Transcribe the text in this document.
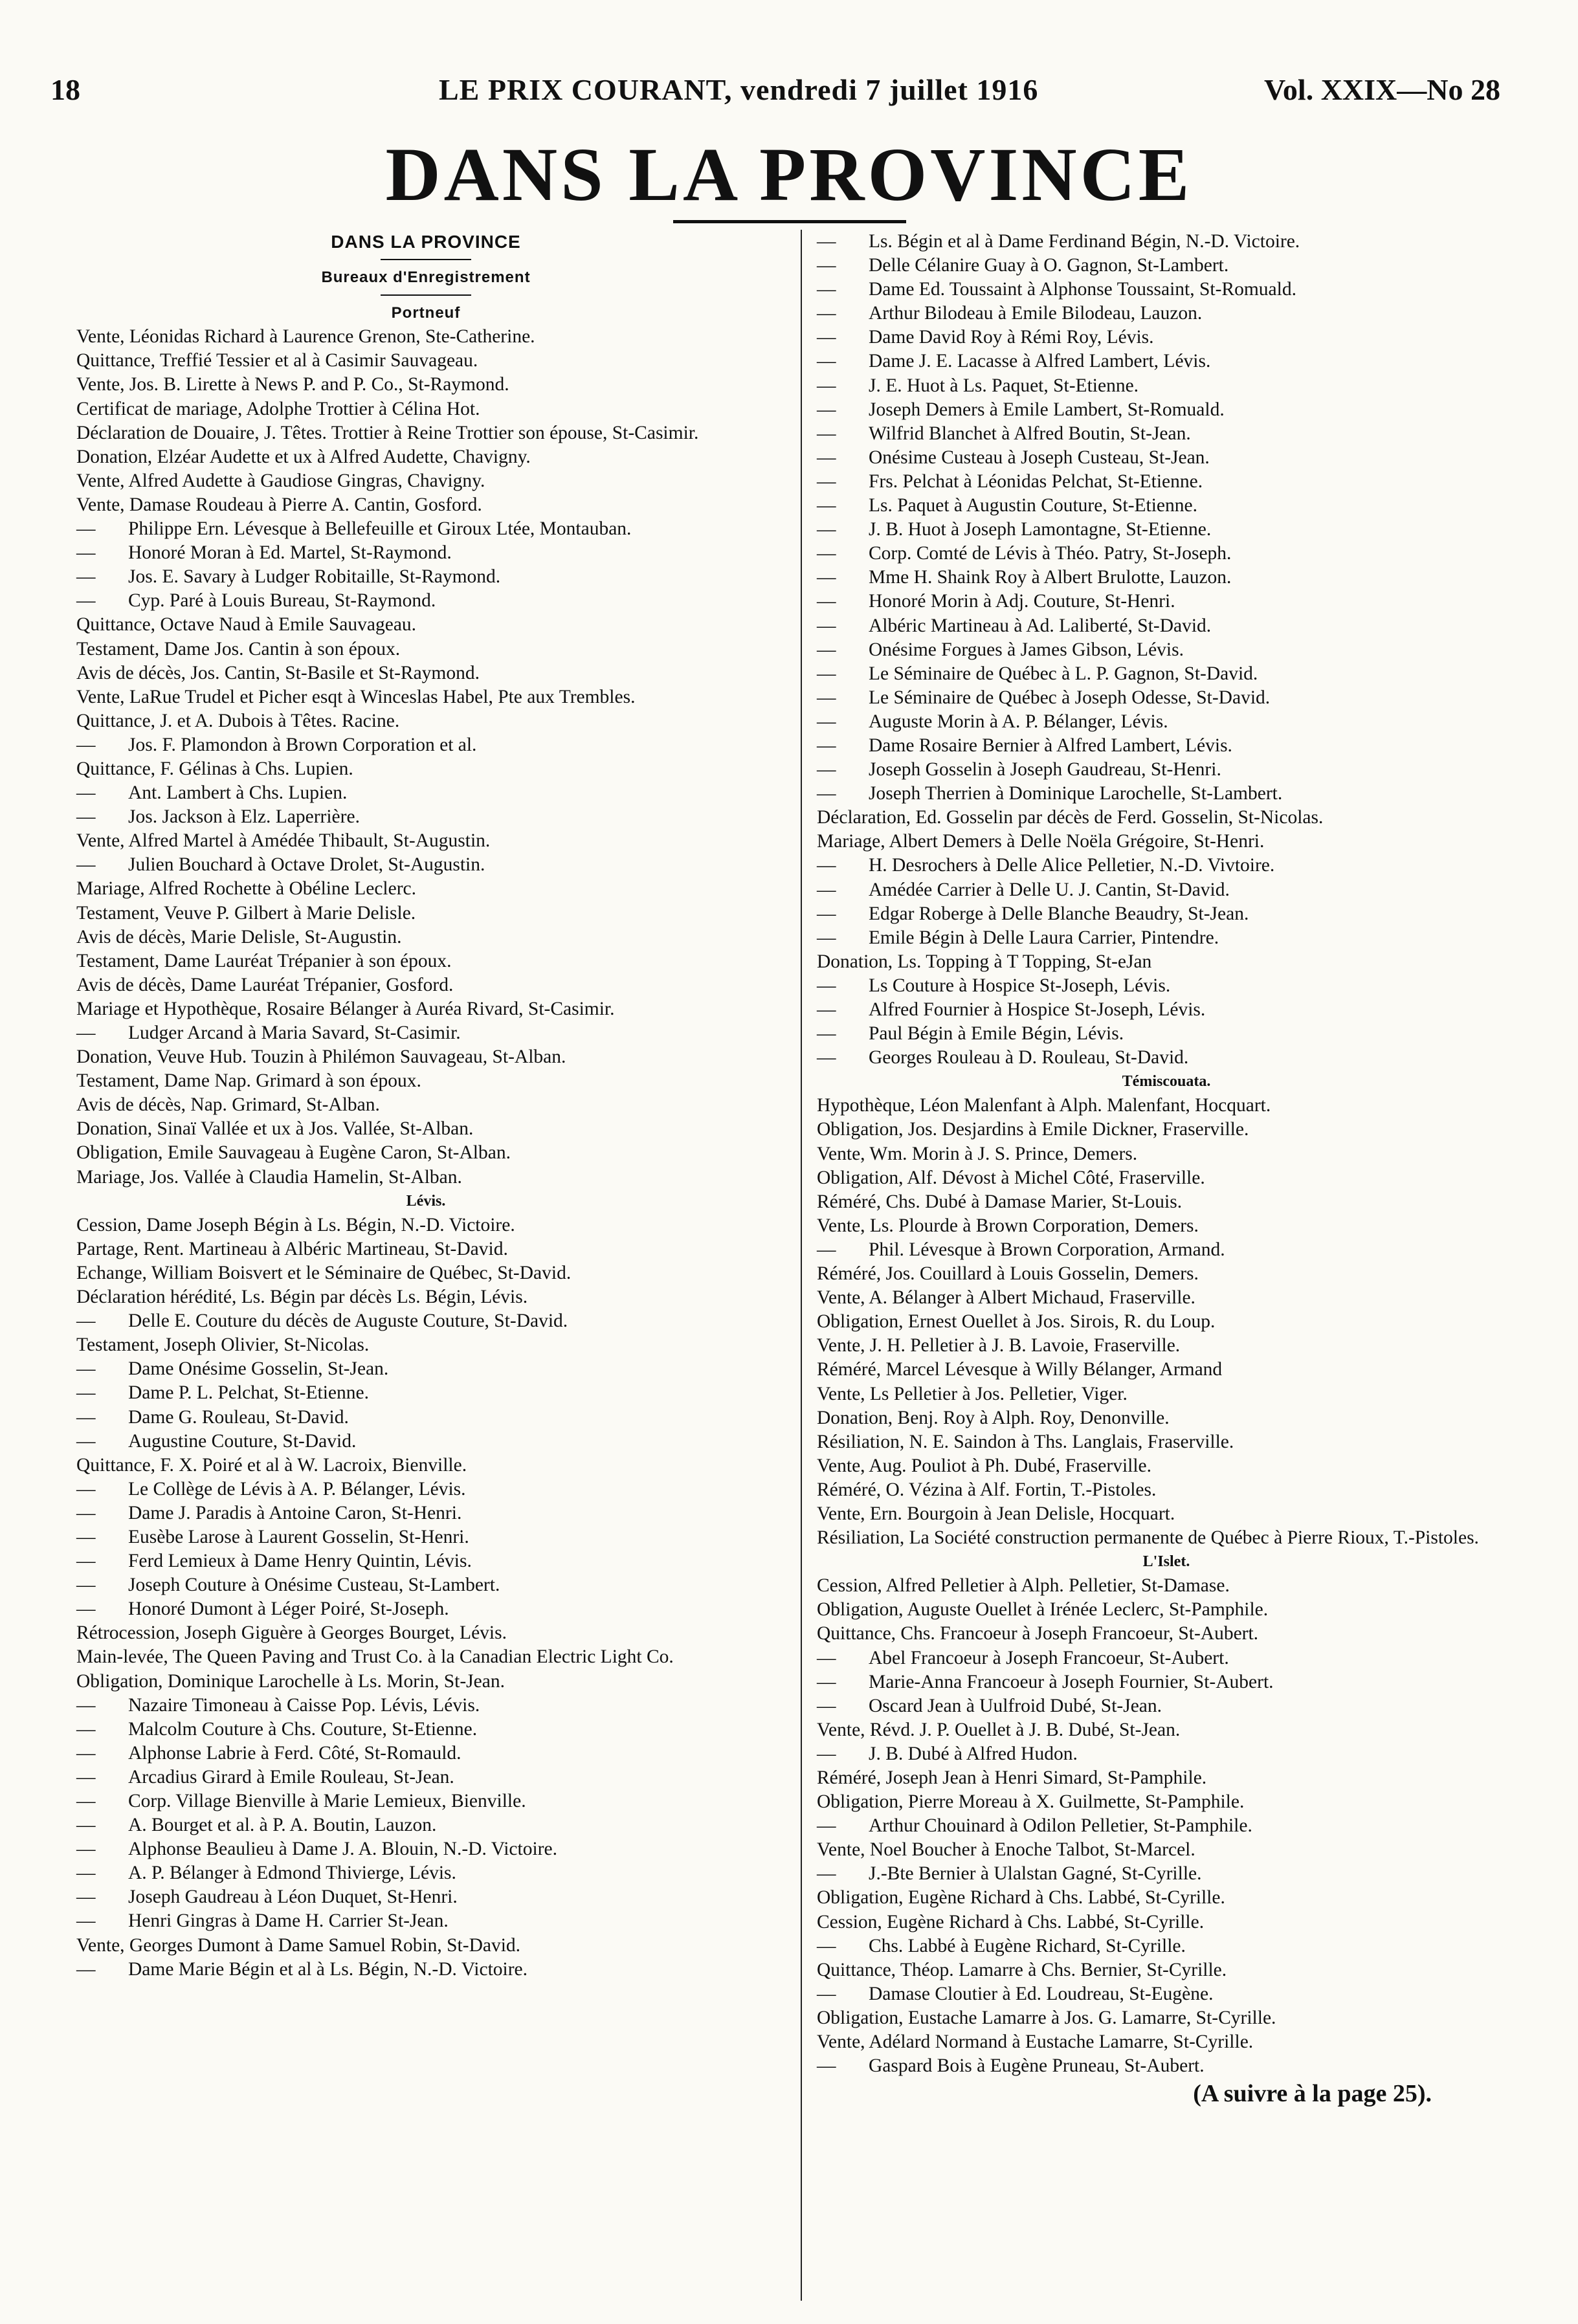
18	LE PRIX COURANT, vendredi 7 juillet 1916	Vol. XXIX—No 28
DANS LA PROVINCE

DANS LA PROVINCE

Bureaux d'Enregistrement

Portneuf

Vente, Léonidas Richard à Laurence Grenon, Ste-Catherine.

Quittance, Treffié Tessier et al à Casimir Sauvageau.

Vente, Jos. B. Lirette à News P. and P. Co., St-Raymond.

Certificat de mariage, Adolphe Trottier à Célina Hot.

Déclaration de Douaire, J. Têtes. Trottier à Reine Trottier son épouse, St-Casimir.

Donation, Elzéar Audette et ux à Alfred Audette, Chavigny.

Vente, Alfred Audette à Gaudiose Gingras, Chavigny.

Vente, Damase Roudeau à Pierre A. Cantin, Gosford.

— Philippe Ern. Lévesque à Bellefeuille et Giroux Ltée, Montauban.

— Honoré Moran à Ed. Martel, St-Raymond.

— Jos. E. Savary à Ludger Robitaille, St-Raymond.

— Cyp. Paré à Louis Bureau, St-Raymond.

Quittance, Octave Naud à Emile Sauvageau.

Testament, Dame Jos. Cantin à son époux.

Avis de décès, Jos. Cantin, St-Basile et St-Raymond.

Vente, LaRue Trudel et Picher esqt à Winceslas Habel, Pte aux Trembles.

Quittance, J. et A. Dubois à Têtes. Racine.

— Jos. F. Plamondon à Brown Corporation et al.

Quittance, F. Gélinas à Chs. Lupien.

— Ant. Lambert à Chs. Lupien.

— Jos. Jackson à Elz. Laperrière.

Vente, Alfred Martel à Amédée Thibault, St-Augustin.

— Julien Bouchard à Octave Drolet, St-Augustin.

Mariage, Alfred Rochette à Obéline Leclerc.

Testament, Veuve P. Gilbert à Marie Delisle.

Avis de décès, Marie Delisle, St-Augustin.

Testament, Dame Lauréat Trépanier à son époux.

Avis de décès, Dame Lauréat Trépanier, Gosford.

Mariage et Hypothèque, Rosaire Bélanger à Auréa Rivard, St-Casimir.

— Ludger Arcand à Maria Savard, St-Casimir.

Donation, Veuve Hub. Touzin à Philémon Sauvageau, St-Alban.

Testament, Dame Nap. Grimard à son époux.

Avis de décès, Nap. Grimard, St-Alban.

Donation, Sinaï Vallée et ux à Jos. Vallée, St-Alban.

Obligation, Emile Sauvageau à Eugène Caron, St-Alban.

Mariage, Jos. Vallée à Claudia Hamelin, St-Alban.

Lévis.

Cession, Dame Joseph Bégin à Ls. Bégin, N.-D. Victoire.

Partage, Rent. Martineau à Albéric Martineau, St-David.

Echange, William Boisvert et le Séminaire de Québec, St-David.

Déclaration hérédité, Ls. Bégin par décès Ls. Bégin, Lévis.

— Delle E. Couture du décès de Auguste Couture, St-David.

Testament, Joseph Olivier, St-Nicolas.

— Dame Onésime Gosselin, St-Jean.

— Dame P. L. Pelchat, St-Etienne.

— Dame G. Rouleau, St-David.

— Augustine Couture, St-David.

Quittance, F. X. Poiré et al à W. Lacroix, Bienville.

— Le Collège de Lévis à A. P. Bélanger, Lévis.

— Dame J. Paradis à Antoine Caron, St-Henri.

— Eusèbe Larose à Laurent Gosselin, St-Henri.

— Ferd Lemieux à Dame Henry Quintin, Lévis.

— Joseph Couture à Onésime Custeau, St-Lambert.

— Honoré Dumont à Léger Poiré, St-Joseph.

Rétrocession, Joseph Giguère à Georges Bourget, Lévis.

Main-levée, The Queen Paving and Trust Co. à la Canadian Electric Light Co.

Obligation, Dominique Larochelle à Ls. Morin, St-Jean.

— Nazaire Timoneau à Caisse Pop. Lévis, Lévis.

— Malcolm Couture à Chs. Couture, St-Etienne.

— Alphonse Labrie à Ferd. Côté, St-Romauld.

— Arcadius Girard à Emile Rouleau, St-Jean.

— Corp. Village Bienville à Marie Lemieux, Bienville.

— A. Bourget et al. à P. A. Boutin, Lauzon.

— Alphonse Beaulieu à Dame J. A. Blouin, N.-D. Victoire.

— A. P. Bélanger à Edmond Thivierge, Lévis.

— Joseph Gaudreau à Léon Duquet, St-Henri.

— Henri Gingras à Dame H. Carrier St-Jean.

Vente, Georges Dumont à Dame Samuel Robin, St-David.

— Dame Marie Bégin et al à Ls. Bégin, N.-D. Victoire.

— Ls. Bégin et al à Dame Ferdinand Bégin, N.-D. Victoire.

— Delle Célanire Guay à O. Gagnon, St-Lambert.

— Dame Ed. Toussaint à Alphonse Toussaint, St-Romuald.

— Arthur Bilodeau à Emile Bilodeau, Lauzon.

— Dame David Roy à Rémi Roy, Lévis.

— Dame J. E. Lacasse à Alfred Lambert, Lévis.

— J. E. Huot à Ls. Paquet, St-Etienne.

— Joseph Demers à Emile Lambert, St-Romuald.

— Wilfrid Blanchet à Alfred Boutin, St-Jean.

— Onésime Custeau à Joseph Custeau, St-Jean.

— Frs. Pelchat à Léonidas Pelchat, St-Etienne.

— Ls. Paquet à Augustin Couture, St-Etienne.

— J. B. Huot à Joseph Lamontagne, St-Etienne.

— Corp. Comté de Lévis à Théo. Patry, St-Joseph.

— Mme H. Shaink Roy à Albert Brulotte, Lauzon.

— Honoré Morin à Adj. Couture, St-Henri.

— Albéric Martineau à Ad. Laliberté, St-David.

— Onésime Forgues à James Gibson, Lévis.

— Le Séminaire de Québec à L. P. Gagnon, St-David.

— Le Séminaire de Québec à Joseph Odesse, St-David.

— Auguste Morin à A. P. Bélanger, Lévis.

— Dame Rosaire Bernier à Alfred Lambert, Lévis.

— Joseph Gosselin à Joseph Gaudreau, St-Henri.

— Joseph Therrien à Dominique Larochelle, St-Lambert.

Déclaration, Ed. Gosselin par décès de Ferd. Gosselin, St-Nicolas.

Mariage, Albert Demers à Delle Noëla Grégoire, St-Henri.

— H. Desrochers à Delle Alice Pelletier, N.-D. Vivtoire.

— Amédée Carrier à Delle U. J. Cantin, St-David.

— Edgar Roberge à Delle Blanche Beaudry, St-Jean.

— Emile Bégin à Delle Laura Carrier, Pintendre.

Donation, Ls. Topping à T Topping, St-eJan

— Ls Couture à Hospice St-Joseph, Lévis.

— Alfred Fournier à Hospice St-Joseph, Lévis.

— Paul Bégin à Emile Bégin, Lévis.

— Georges Rouleau à D. Rouleau, St-David.

Témiscouata.

Hypothèque, Léon Malenfant à Alph. Malenfant, Hocquart.

Obligation, Jos. Desjardins à Emile Dickner, Fraserville.

Vente, Wm. Morin à J. S. Prince, Demers.

Obligation, Alf. Dévost à Michel Côté, Fraserville.

Réméré, Chs. Dubé à Damase Marier, St-Louis.

Vente, Ls. Plourde à Brown Corporation, Demers.

— Phil. Lévesque à Brown Corporation, Armand.

Réméré, Jos. Couillard à Louis Gosselin, Demers.

Vente, A. Bélanger à Albert Michaud, Fraserville.

Obligation, Ernest Ouellet à Jos. Sirois, R. du Loup.

Vente, J. H. Pelletier à J. B. Lavoie, Fraserville.

Réméré, Marcel Lévesque à Willy Bélanger, Armand

Vente, Ls Pelletier à Jos. Pelletier, Viger.

Donation, Benj. Roy à Alph. Roy, Denonville.

Résiliation, N. E. Saindon à Ths. Langlais, Fraserville.

Vente, Aug. Pouliot à Ph. Dubé, Fraserville.

Réméré, O. Vézina à Alf. Fortin, T.-Pistoles.

Vente, Ern. Bourgoin à Jean Delisle, Hocquart.

Résiliation, La Société construction permanente de Québec à Pierre Rioux, T.-Pistoles.

L'Islet.

Cession, Alfred Pelletier à Alph. Pelletier, St-Damase.

Obligation, Auguste Ouellet à Irénée Leclerc, St-Pamphile.

Quittance, Chs. Francoeur à Joseph Francoeur, St-Aubert.

— Abel Francoeur à Joseph Francoeur, St-Aubert.

— Marie-Anna Francoeur à Joseph Fournier, St-Aubert.

— Oscard Jean à Uulfroid Dubé, St-Jean.

Vente, Révd. J. P. Ouellet à J. B. Dubé, St-Jean.

— J. B. Dubé à Alfred Hudon.

Réméré, Joseph Jean à Henri Simard, St-Pamphile.

Obligation, Pierre Moreau à X. Guilmette, St-Pamphile.

— Arthur Chouinard à Odilon Pelletier, St-Pamphile.

Vente, Noel Boucher à Enoche Talbot, St-Marcel.

— J.-Bte Bernier à Ulalstan Gagné, St-Cyrille.

Obligation, Eugène Richard à Chs. Labbé, St-Cyrille.

Cession, Eugène Richard à Chs. Labbé, St-Cyrille.

— Chs. Labbé à Eugène Richard, St-Cyrille.

Quittance, Théop. Lamarre à Chs. Bernier, St-Cyrille.

— Damase Cloutier à Ed. Loudreau, St-Eugène.

Obligation, Eustache Lamarre à Jos. G. Lamarre, St-Cyrille.

Vente, Adélard Normand à Eustache Lamarre, St-Cyrille.

— Gaspard Bois à Eugène Pruneau, St-Aubert.

(A suivre à la page 25).
